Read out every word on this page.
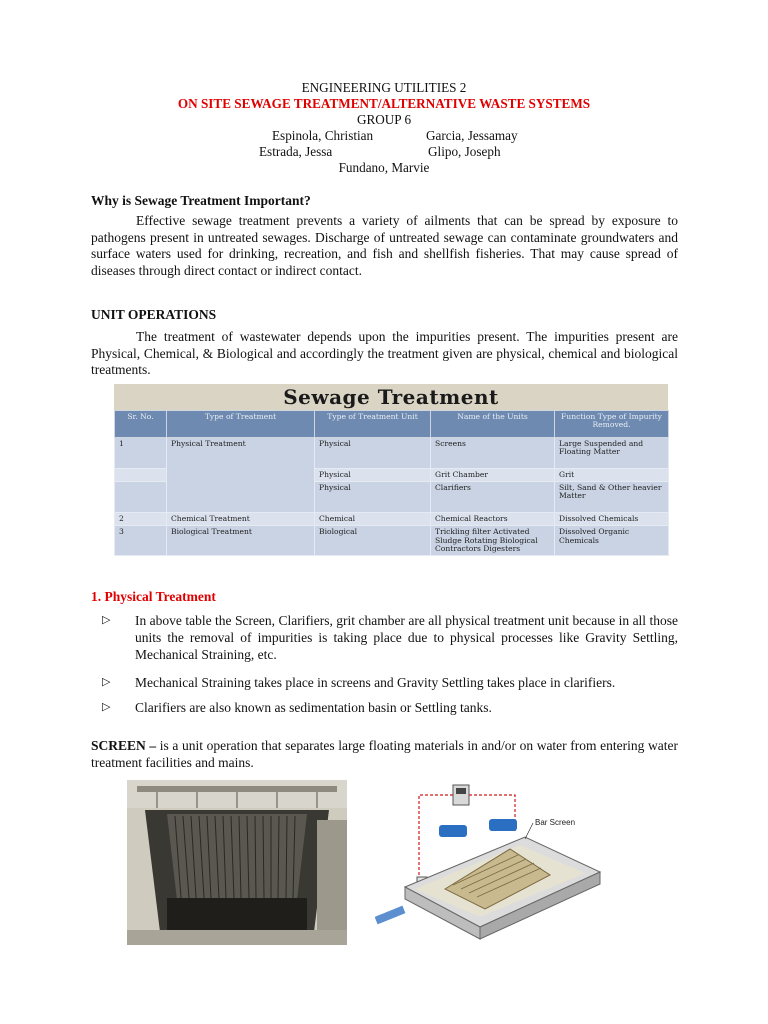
ENGINEERING UTILITIES 2
ON SITE SEWAGE TREATMENT/ALTERNATIVE WASTE SYSTEMS
GROUP 6
Espinola, Christian	Garcia, Jessamay
Estrada, Jessa	Glipo, Joseph
Fundano, Marvie
Why is Sewage Treatment Important?
Effective sewage treatment prevents a variety of ailments that can be spread by exposure to pathogens present in untreated sewages. Discharge of untreated sewage can contaminate groundwaters and surface waters used for drinking, recreation, and fish and shellfish fisheries. That may cause spread of diseases through direct contact or indirect contact.
UNIT OPERATIONS
The treatment of wastewater depends upon the impurities present. The impurities present are Physical, Chemical, & Biological and accordingly the treatment given are physical, chemical and biological treatments.
Sewage Treatment
Sr. No.	Type of Treatment	Type of Treatment Unit	Name of the Units	Function Type of Impurity Removed.
1	Physical Treatment	Physical	Screens	Large Suspended and Floating Matter
		Physical	Grit Chamber	Grit
		Physical	Clarifiers	Silt, Sand & Other heavier Matter
2	Chemical Treatment	Chemical	Chemical Reactors	Dissolved Chemicals
3	Biological Treatment	Biological	Trickling filter Activated Sludge Rotating Biological Contractors Digesters	Dissolved Organic Chemicals
1. Physical Treatment
▷ In above table the Screen, Clarifiers, grit chamber are all physical treatment unit because in all those units the removal of impurities is taking place due to physical processes like Gravity Settling, Mechanical Straining, etc.
▷ Mechanical Straining takes place in screens and Gravity Settling takes place in clarifiers.
▷ Clarifiers are also known as sedimentation basin or Settling tanks.
SCREEN – is a unit operation that separates large floating materials in and/or on water from entering water treatment facilities and mains.
Bar Screen
